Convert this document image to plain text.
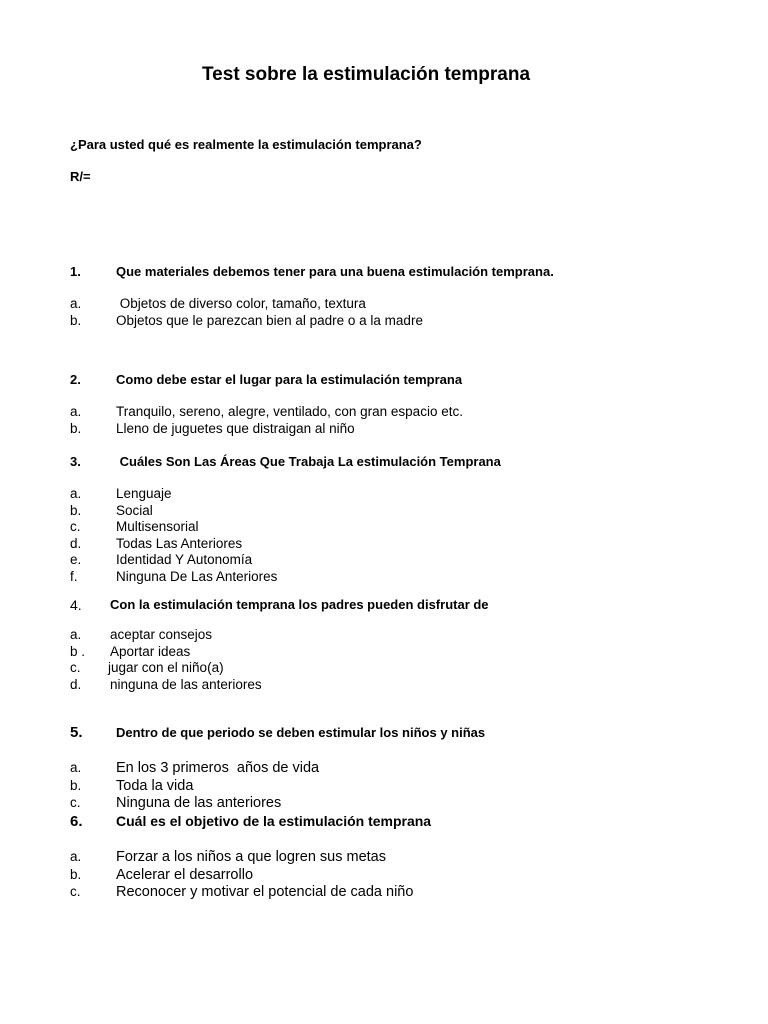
Test sobre la estimulación temprana
¿Para usted qué es realmente la estimulación temprana?
R/=
1.	Que materiales debemos tener para una buena estimulación temprana.
a.	Objetos de diverso color, tamaño, textura
b.	Objetos que le parezcan bien al padre o a la madre
2.	Como debe estar el lugar para la estimulación temprana
a.	Tranquilo, sereno, alegre, ventilado, con gran espacio etc.
b.	Lleno de juguetes que distraigan al niño
3.	Cuáles Son Las Áreas Que Trabaja La estimulación Temprana
a.	Lenguaje
b.	Social
c.	Multisensorial
d.	Todas Las Anteriores
e.	Identidad Y Autonomía
f.	Ninguna De Las Anteriores
4. Con la estimulación temprana los padres pueden disfrutar de
a. aceptar consejos
b . Aportar ideas
c. jugar con el niño(a)
d. ninguna de las anteriores
5.	Dentro de que periodo se deben estimular los niños y niñas
a. En los 3 primeros  años de vida
b. Toda la vida
c. Ninguna de las anteriores
6. Cuál es el objetivo de la estimulación temprana
a. Forzar a los niños a que logren sus metas
b. Acelerar el desarrollo
c. Reconocer y motivar el potencial de cada niño
